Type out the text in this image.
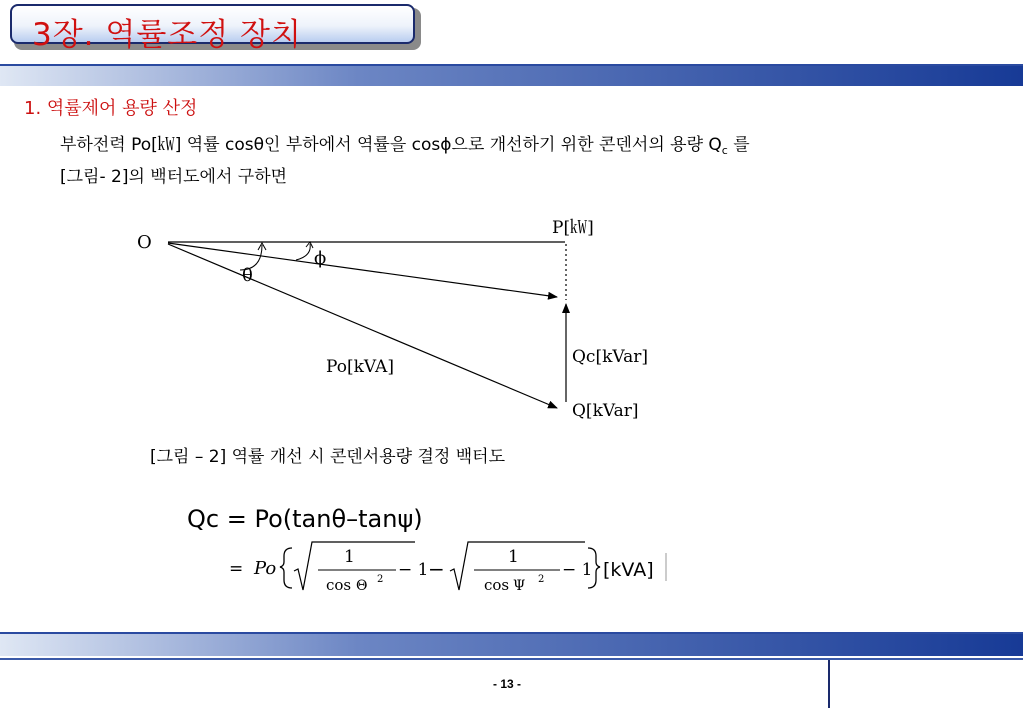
3장. 역률조정 장치
1. 역률제어 용량 산정
부하전력 Po[㎾] 역률 cosθ인 부하에서 역률을 cosϕ으로 개선하기 위한 콘덴서의 용량 $Q_c$ 를
[그림- 2]의 백터도에서 구하면
O
P[㎾]
ϕ
θ
Po[kVA]	Qc[kVar]
Q[kVar]
[그림 – 2] 역률 개선 시 콘덴서용량 결정 백터도
Qc = Po(tanθ–tanψ)
= Po
1
cos Θ 2 − 1 −	1
cos Ψ 2 − 1 [kVA]
- 13 -
